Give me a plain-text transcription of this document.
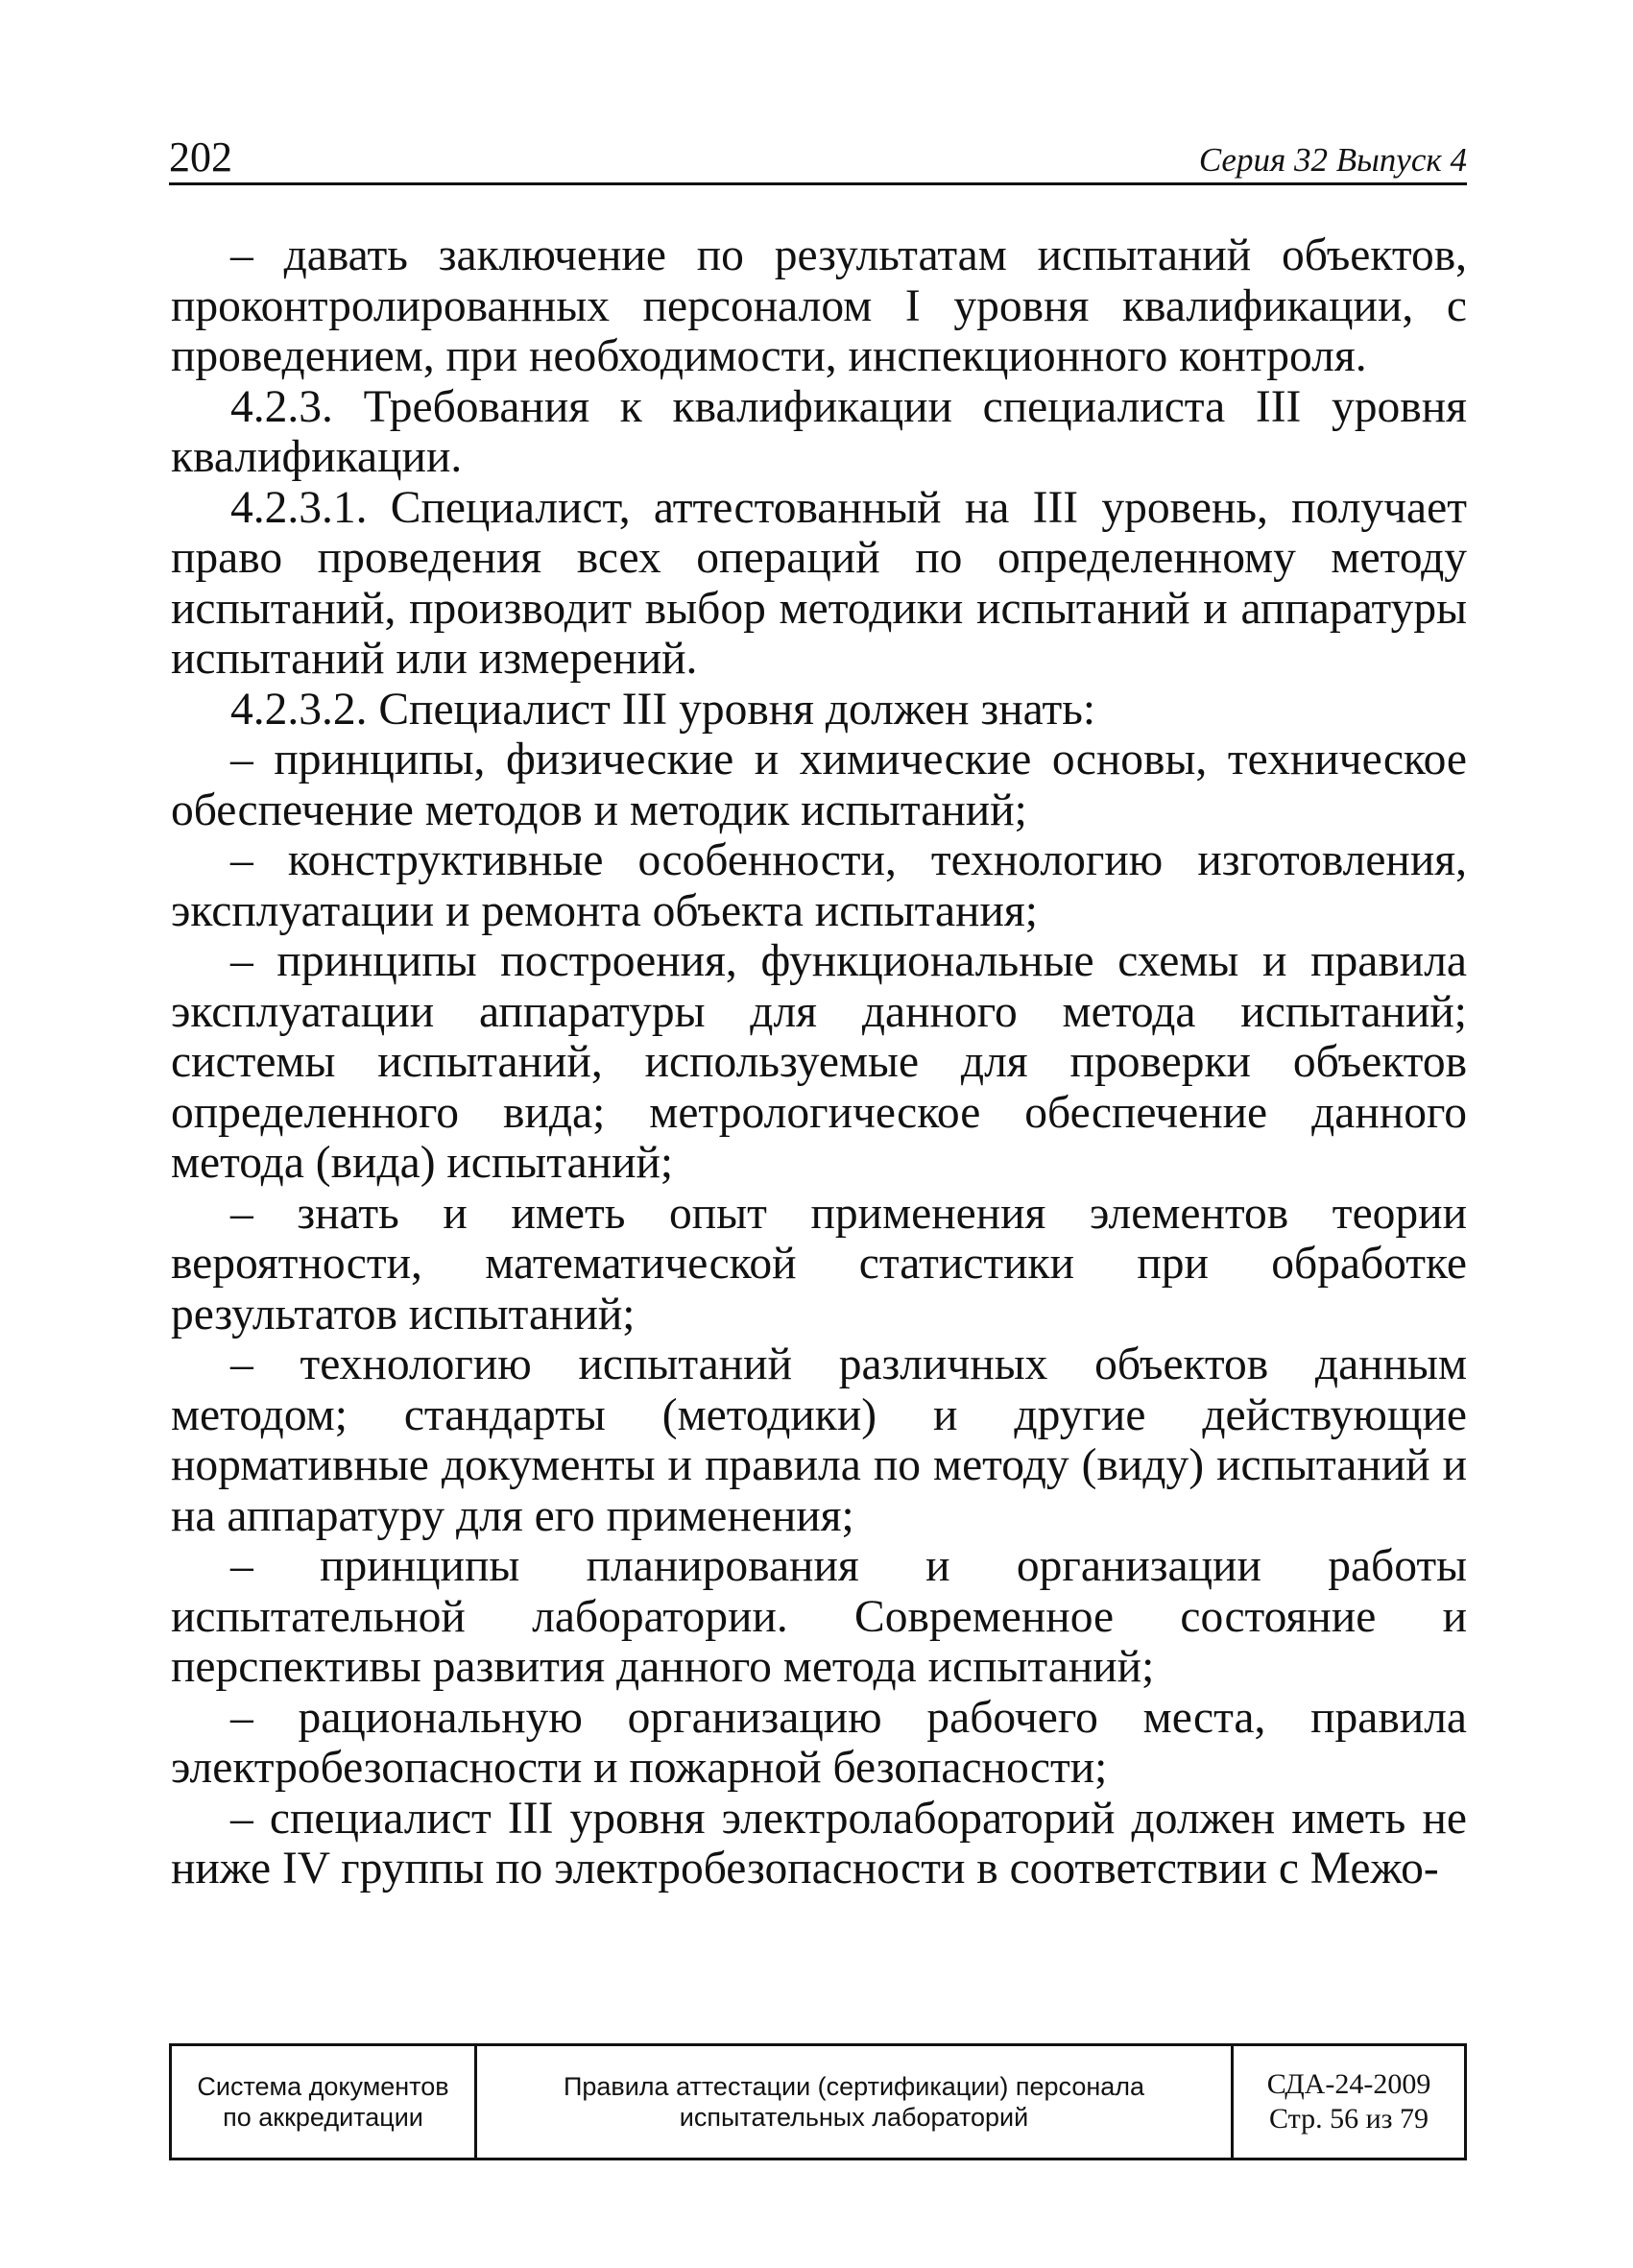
202	Серия 32 Выпуск 4

– давать заключение по результатам испытаний объектов, проконтролированных персоналом I уровня квалификации, с проведением, при необходимости, инспекционного контроля.

4.2.3. Требования к квалификации специалиста III уровня квалификации.

4.2.3.1. Специалист, аттестованный на III уровень, получает право проведения всех операций по определенному методу испытаний, производит выбор методики испытаний и аппаратуры испытаний или измерений.

4.2.3.2. Специалист III уровня должен знать:

– принципы, физические и химические основы, техническое обеспечение методов и методик испытаний;

– конструктивные особенности, технологию изготовления, эксплуатации и ремонта объекта испытания;

– принципы построения, функциональные схемы и правила эксплуатации аппаратуры для данного метода испытаний; системы испытаний, используемые для проверки объектов определенного вида; метрологическое обеспечение данного метода (вида) испытаний;

– знать и иметь опыт применения элементов теории вероятности, математической статистики при обработке результатов испытаний;

– технологию испытаний различных объектов данным методом; стандарты (методики) и другие действующие нормативные документы и правила по методу (виду) испытаний и на аппаратуру для его применения;

– принципы планирования и организации работы испытательной лаборатории. Современное состояние и перспективы развития данного метода испытаний;

– рациональную организацию рабочего места, правила электробезопасности и пожарной безопасности;

– специалист III уровня электролабораторий должен иметь не ниже IV группы по электробезопасности в соответствии с Межо-

Система документов
по аккредитации
Правила аттестации (сертификации) персонала
испытательных лабораторий
СДА-24-2009
Стр. 56 из 79
